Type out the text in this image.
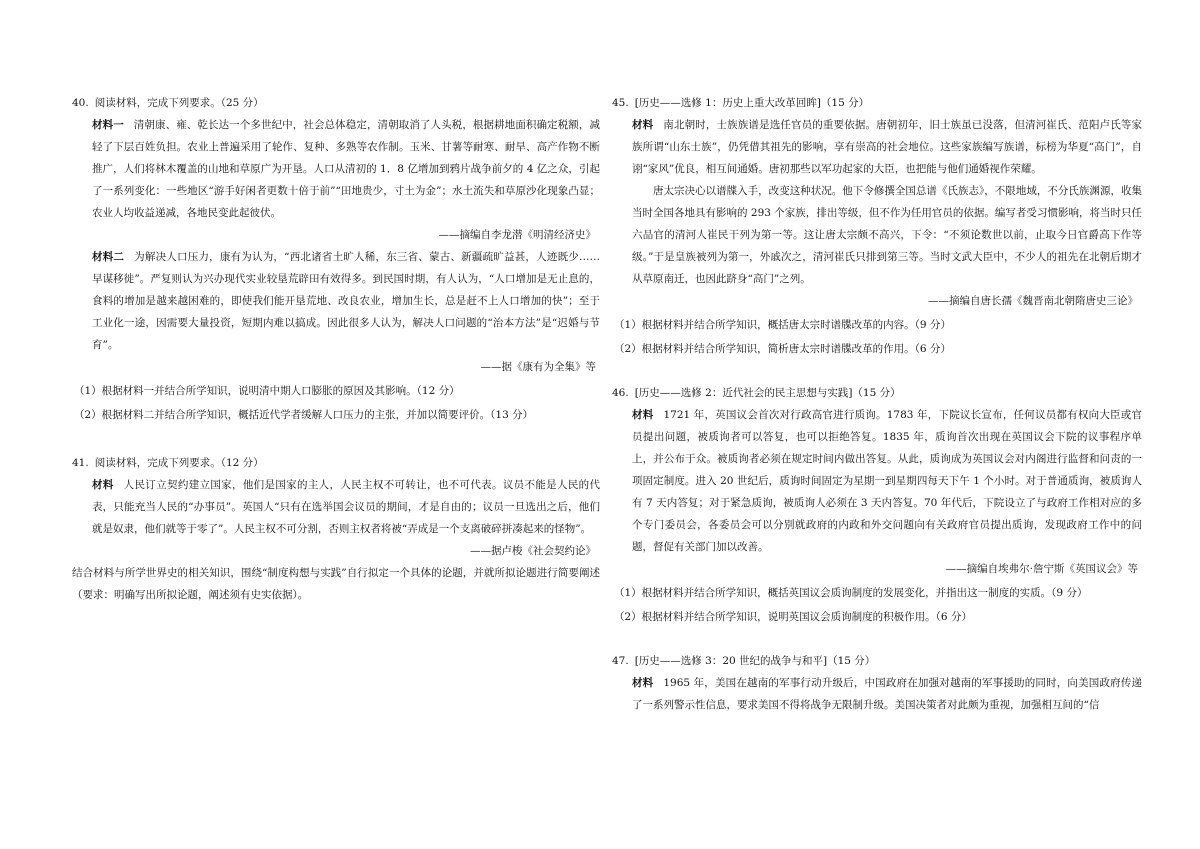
40. 阅读材料，完成下列要求。（25 分）

材料一 清朝康、雍、乾长达一个多世纪中，社会总体稳定，清朝取消了人头税，根据耕地面积确定税额，减轻了下层百姓负担。农业上普遍采用了轮作、复种、多熟等农作制。玉米、甘薯等耐寒、耐旱、高产作物不断推广，人们将林木覆盖的山地和草原广为开垦。人口从清初的 1．8 亿增加到鸦片战争前夕的 4 亿之众，引起了一系列变化：一些地区“游手好闲者更数十倍于前”“田地贵少，寸土为金”；水土流失和草原沙化现象凸显；农业人均收益递减，各地民变此起彼伏。

——摘编自李龙潜《明清经济史》

材料二 为解决人口压力，康有为认为，“西北诸省土旷人稀，东三省、蒙古、新疆疏旷益甚，人迹既少……早谋移徙”。严复则认为兴办现代实业较垦荒辟田有效得多。到民国时期，有人认为，“人口增加是无止息的，食料的增加是越来越困难的，即使我们能开垦荒地、改良农业，增加生长，总是赶不上人口增加的快”；至于工业化一途，因需要大量投资，短期内难以搞成。因此很多人认为，解决人口问题的“治本方法”是“迟婚与节育”。

——据《康有为全集》等

（1）根据材料一并结合所学知识，说明清中期人口膨胀的原因及其影响。（12 分）

（2）根据材料二并结合所学知识，概括近代学者缓解人口压力的主张，并加以简要评价。（13 分）

41. 阅读材料，完成下列要求。（12 分）

材料 人民订立契约建立国家，他们是国家的主人，人民主权不可转让，也不可代表。议员不能是人民的代表，只能充当人民的“办事员”。英国人“只有在选举国会议员的期间，才是自由的；议员一旦选出之后，他们就是奴隶，他们就等于零了”。人民主权不可分割，否则主权者将被“弄成是一个支离破碎拼凑起来的怪物”。

——据卢梭《社会契约论》

结合材料与所学世界史的相关知识，围绕“制度构想与实践”自行拟定一个具体的论题，并就所拟论题进行简要阐述（要求：明确写出所拟论题，阐述须有史实依据）。

45. [历史——选修 1：历史上重大改革回眸]（15 分）

材料 南北朝时，士族族谱是选任官员的重要依据。唐朝初年，旧士族虽已没落，但清河崔氏、范阳卢氏等家族所谓“山东士族”，仍凭借其祖先的影响，享有崇高的社会地位。这些家族编写族谱，标榜为华夏“高门”，自诩“家风”优良，相互间通婚。唐初那些以军功起家的大臣，也把能与他们通婚视作荣耀。

唐太宗决心以谱牒入手，改变这种状况。他下令修撰全国总谱《氏族志》，不限地域，不分氏族渊源，收集当时全国各地具有影响的 293 个家族，排出等级，但不作为任用官员的依据。编写者受习惯影响，将当时只任六品官的清河人崔民干列为第一等。这让唐太宗颇不高兴，下令：“不须论数世以前，止取今日官爵高下作等级。”于是皇族被列为第一，外戚次之，清河崔氏只排到第三等。当时文武大臣中，不少人的祖先在北朝后期才从草原南迁，也因此跻身“高门”之列。

——摘编自唐长孺《魏晋南北朝隋唐史三论》

（1）根据材料并结合所学知识，概括唐太宗时谱牒改革的内容。（9 分）

（2）根据材料并结合所学知识，简析唐太宗时谱牒改革的作用。（6 分）

46. [历史——选修 2：近代社会的民主思想与实践]（15 分）

材料 1721 年，英国议会首次对行政高官进行质询。1783 年，下院议长宣布，任何议员都有权向大臣或官员提出问题，被质询者可以答复，也可以拒绝答复。1835 年，质询首次出现在英国议会下院的议事程序单上，并公布于众。被质询者必须在规定时间内做出答复。从此，质询成为英国议会对内阁进行监督和问责的一项固定制度。进入 20 世纪后，质询时间固定为星期一到星期四每天下午 1 个小时。对于普通质询，被质询人有 7 天内答复；对于紧急质询，被质询人必须在 3 天内答复。70 年代后，下院设立了与政府工作相对应的多个专门委员会，各委员会可以分别就政府的内政和外交问题向有关政府官员提出质询，发现政府工作中的问题，督促有关部门加以改善。

——摘编自埃弗尔·詹宁斯《英国议会》等

（1）根据材料并结合所学知识，概括英国议会质询制度的发展变化，并指出这一制度的实质。（9 分）

（2）根据材料并结合所学知识，说明英国议会质询制度的积极作用。（6 分）

47. [历史——选修 3：20 世纪的战争与和平]（15 分）

材料 1965 年，美国在越南的军事行动升级后，中国政府在加强对越南的军事援助的同时，向美国政府传递了一系列警示性信息，要求美国不得将战争无限制升级。美国决策者对此颇为重视，加强相互间的“信
